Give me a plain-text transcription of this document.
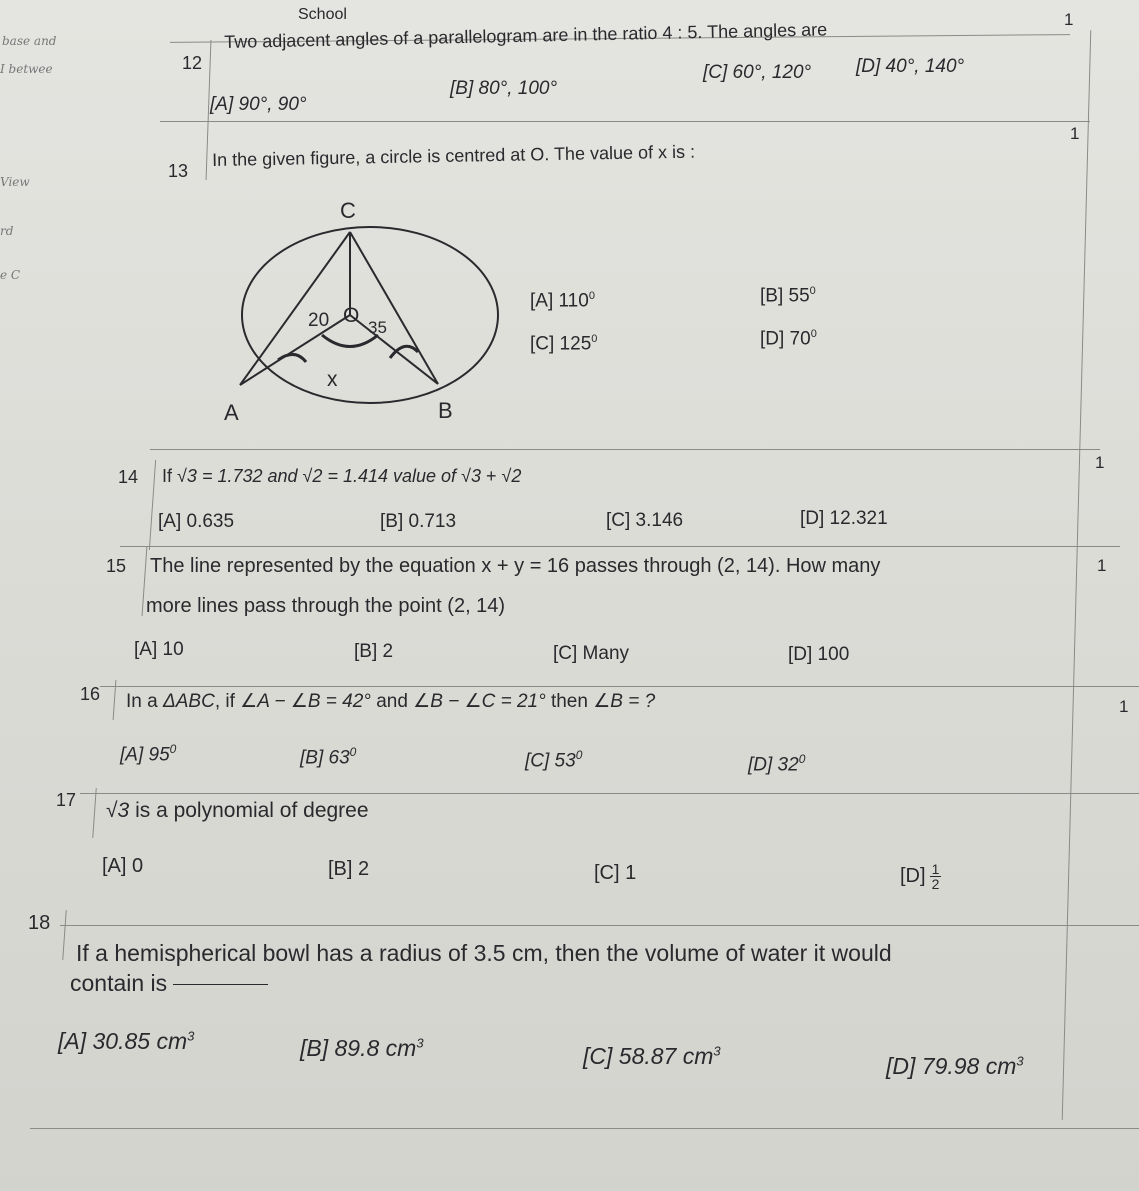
base and
I betwee
View
rd
e C
School	1
12
Two adjacent angles of a parallelogram are in the ratio 4 : 5. The angles are
[A] 90°, 90°
[B] 80°, 100°
[C] 60°, 120° [D] 40°, 140°
1
13
In the given figure, a circle is centred at O. The value of x is :
C
O
20 35
x
A	B
[A] $110^0$	[B] $55^0$
[C] $125^0$	[D] $70^0$
1
14 If √3 = 1.732 and √2 = 1.414 value of √3 + √2
[A] 0.635	[B] 0.713	[C] 3.146	[D] 12.321
1
15 The line represented by the equation x + y = 16 passes through (2, 14). How many
more lines pass through the point (2, 14)
[A] 10	[B] 2	[C] Many	[D] 100
1
16 In a ΔABC, if ∠A − ∠B = 42° and ∠B − ∠C = 21° then ∠B = ?
[A] $95^0$	[B] $63^0$	[C] $53^0$	[D] $32^0$
17 √3 is a polynomial of degree
[A] 0	[B] 2	[C] 1	$[D] \frac{1}{2}$
18
If a hemispherical bowl has a radius of 3.5 cm, then the volume of water it would
contain is
[A] 30.85 $cm^3$	[B] 89.8 $cm^3$
[C] 58.87 $cm^3$
[D] 79.98 $cm^3$
